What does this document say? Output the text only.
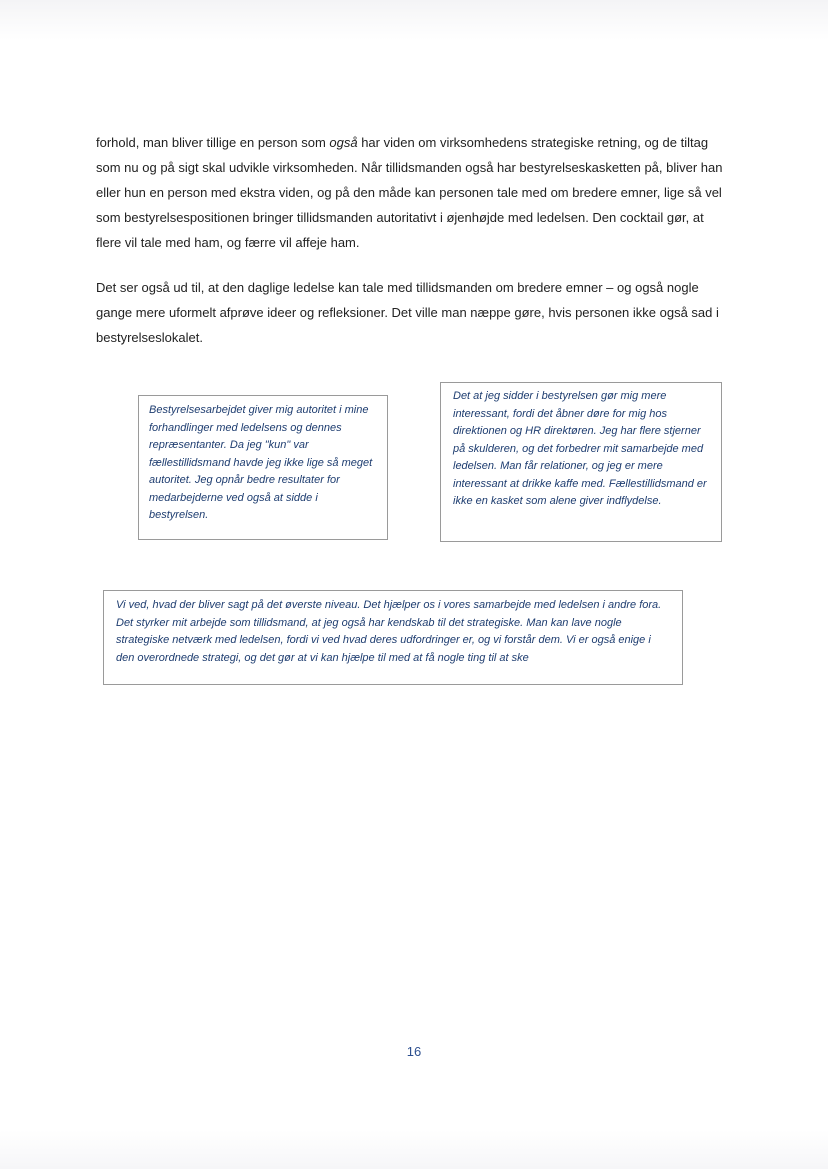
forhold, man bliver tillige en person som også har viden om virksomhedens strategiske retning, og de tiltag som nu og på sigt skal udvikle virksomheden. Når tillidsmanden også har bestyrelseskasketten på, bliver han eller hun en person med ekstra viden, og på den måde kan personen tale med om bredere emner, lige så vel som bestyrelsespositionen bringer tillidsmanden autoritativt i øjenhøjde med ledelsen. Den cocktail gør, at flere vil tale med ham, og færre vil affeje ham.

Det ser også ud til, at den daglige ledelse kan tale med tillidsmanden om bredere emner – og også nogle gange mere uformelt afprøve ideer og refleksioner. Det ville man næppe gøre, hvis personen ikke også sad i bestyrelseslokalet.

Bestyrelsesarbejdet giver mig autoritet i mine forhandlinger med ledelsens og dennes repræsentanter. Da jeg "kun" var fællestillidsmand havde jeg ikke lige så meget autoritet. Jeg opnår bedre resultater for medarbejderne ved også at sidde i bestyrelsen.

Det at jeg sidder i bestyrelsen gør mig mere interessant, fordi det åbner døre for mig hos direktionen og HR direktøren. Jeg har flere stjerner på skulderen, og det forbedrer mit samarbejde med ledelsen. Man får relationer, og jeg er mere interessant at drikke kaffe med. Fællestillidsmand er ikke en kasket som alene giver indflydelse.

Vi ved, hvad der bliver sagt på det øverste niveau. Det hjælper os i vores samarbejde med ledelsen i andre fora. Det styrker mit arbejde som tillidsmand, at jeg også har kendskab til det strategiske. Man kan lave nogle strategiske netværk med ledelsen, fordi vi ved hvad deres udfordringer er, og vi forstår dem. Vi er også enige i den overordnede strategi, og det gør at vi kan hjælpe til med at få nogle ting til at ske

16
